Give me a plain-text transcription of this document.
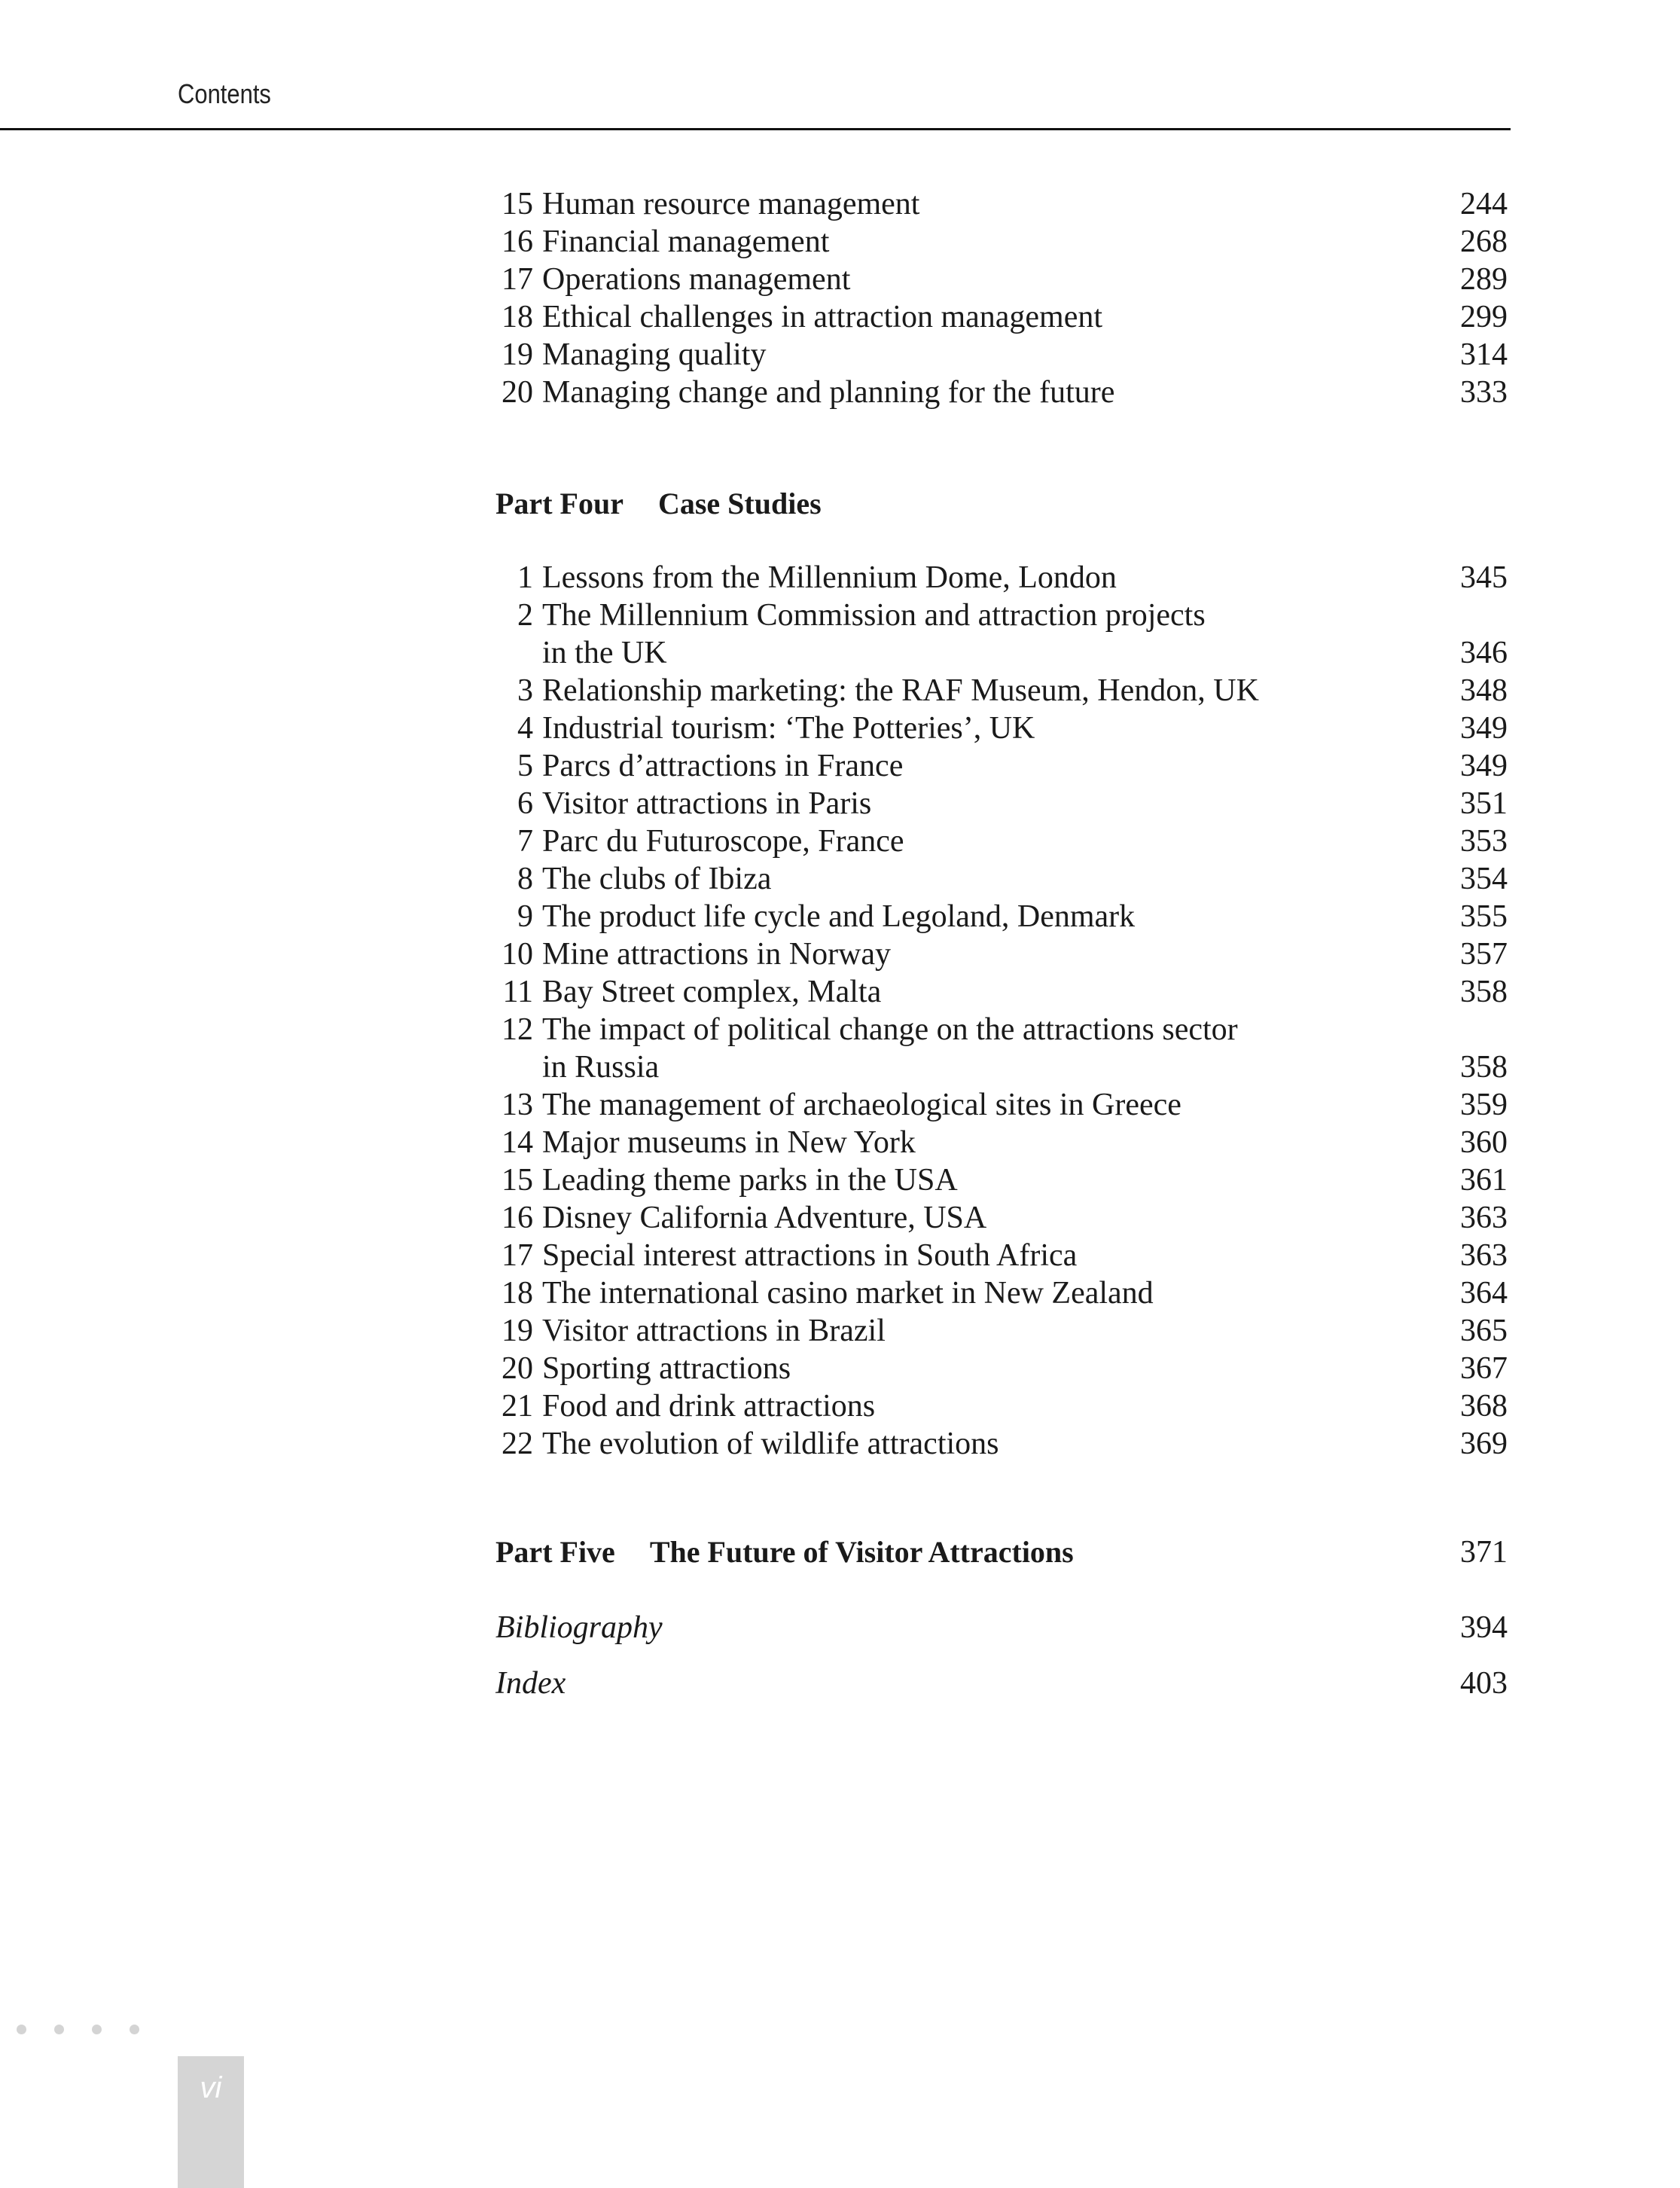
Contents
15 Human resource management	244
16 Financial management	268
17 Operations management	289
18 Ethical challenges in attraction management	299
19 Managing quality	314
20 Managing change and planning for the future	333
Part Four Case Studies
1 Lessons from the Millennium Dome, London	345
2 The Millennium Commission and attraction projects
in the UK	346
3 Relationship marketing: the RAF Museum, Hendon, UK	348
4 Industrial tourism: ‘The Potteries’, UK	349
5 Parcs d’attractions in France	349
6 Visitor attractions in Paris	351
7 Parc du Futuroscope, France	353
8 The clubs of Ibiza	354
9 The product life cycle and Legoland, Denmark	355
10 Mine attractions in Norway	357
11 Bay Street complex, Malta	358
12 The impact of political change on the attractions sector
in Russia	358
13 The management of archaeological sites in Greece	359
14 Major museums in New York	360
15 Leading theme parks in the USA	361
16 Disney California Adventure, USA	363
17 Special interest attractions in South Africa	363
18 The international casino market in New Zealand	364
19 Visitor attractions in Brazil	365
20 Sporting attractions	367
21 Food and drink attractions	368
22 The evolution of wildlife attractions	369
Part Five The Future of Visitor Attractions	371
Bibliography	394
Index	403
vi
